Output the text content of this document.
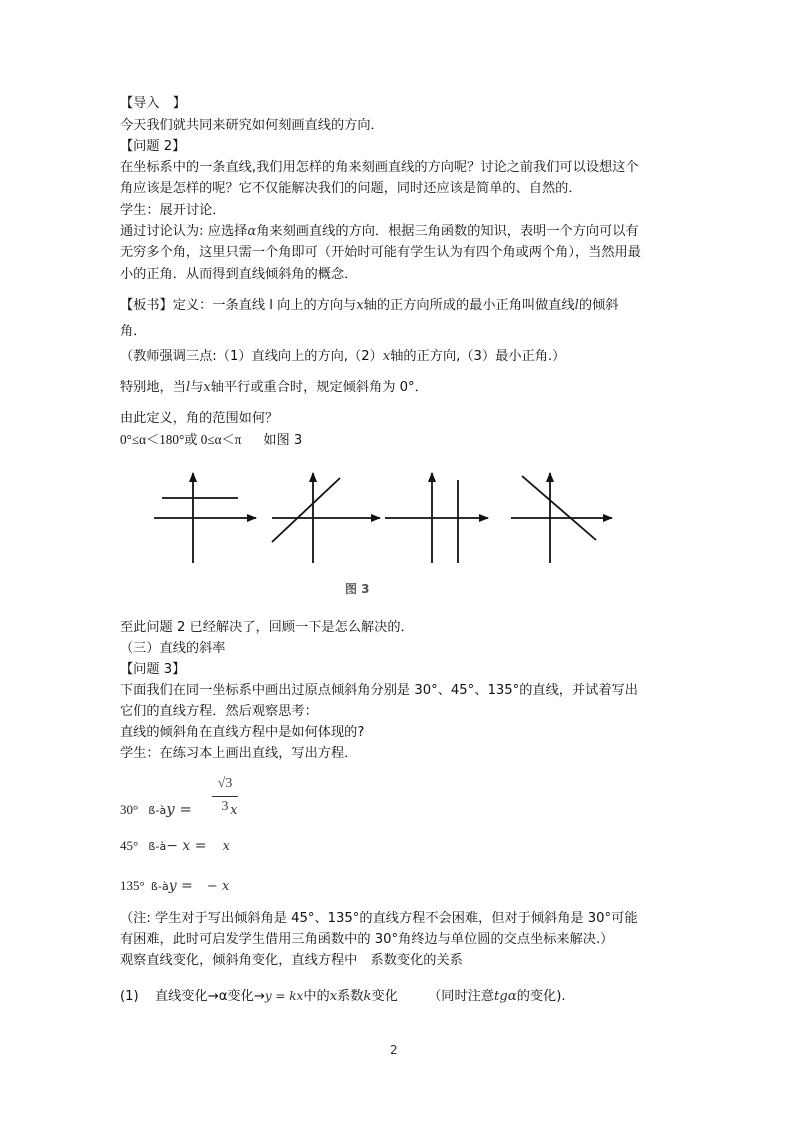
【导入　】
今天我们就共同来研究如何刻画直线的方向．
【问题 2】
在坐标系中的一条直线,我们用怎样的角来刻画直线的方向呢？讨论之前我们可以设想这个
角应该是怎样的呢？它不仅能解决我们的问题，同时还应该是简单的、自然的．
学生：展开讨论．
通过讨论认为: 应选择α角来刻画直线的方向．根据三角函数的知识，表明一个方向可以有
无穷多个角，这里只需一个角即可（开始时可能有学生认为有四个角或两个角），当然用最
小的正角．从而得到直线倾斜角的概念．
【板书】定义：一条直线 l 向上的方向与x轴的正方向所成的最小正角叫做直线l的倾斜
角．
（教师强调三点:（1）直线向上的方向,（2）x轴的正方向,（3）最小正角.）
特别地，当l与x轴平行或重合时，规定倾斜角为 0°．
由此定义，角的范围如何？
0°≤α＜180°或 0≤α＜π 如图 3
图 3
至此问题 2 已经解决了，回顾一下是怎么解决的．
（三）直线的斜率
【问题 3】
下面我们在同一坐标系中画出过原点倾斜角分别是 30°、45°、135°的直线，并试着写出
它们的直线方程．然后观察思考：
直线的倾斜角在直线方程中是如何体现的?
学生：在练习本上画出直线，写出方程．
30° ß-ày =	x
√3
3
45° ß-à− x = x
135° ß-ày = − x
（注: 学生对于写出倾斜角是 45°、135°的直线方程不会困难，但对于倾斜角是 30°可能
有困难，此时可启发学生借用三角函数中的 30°角终边与单位圆的交点坐标来解决.）
观察直线变化，倾斜角变化，直线方程中　系数变化的关系
(1) 直线变化→α变化→y = kx中的x系数k变化 （同时注意tgα的变化).
2
